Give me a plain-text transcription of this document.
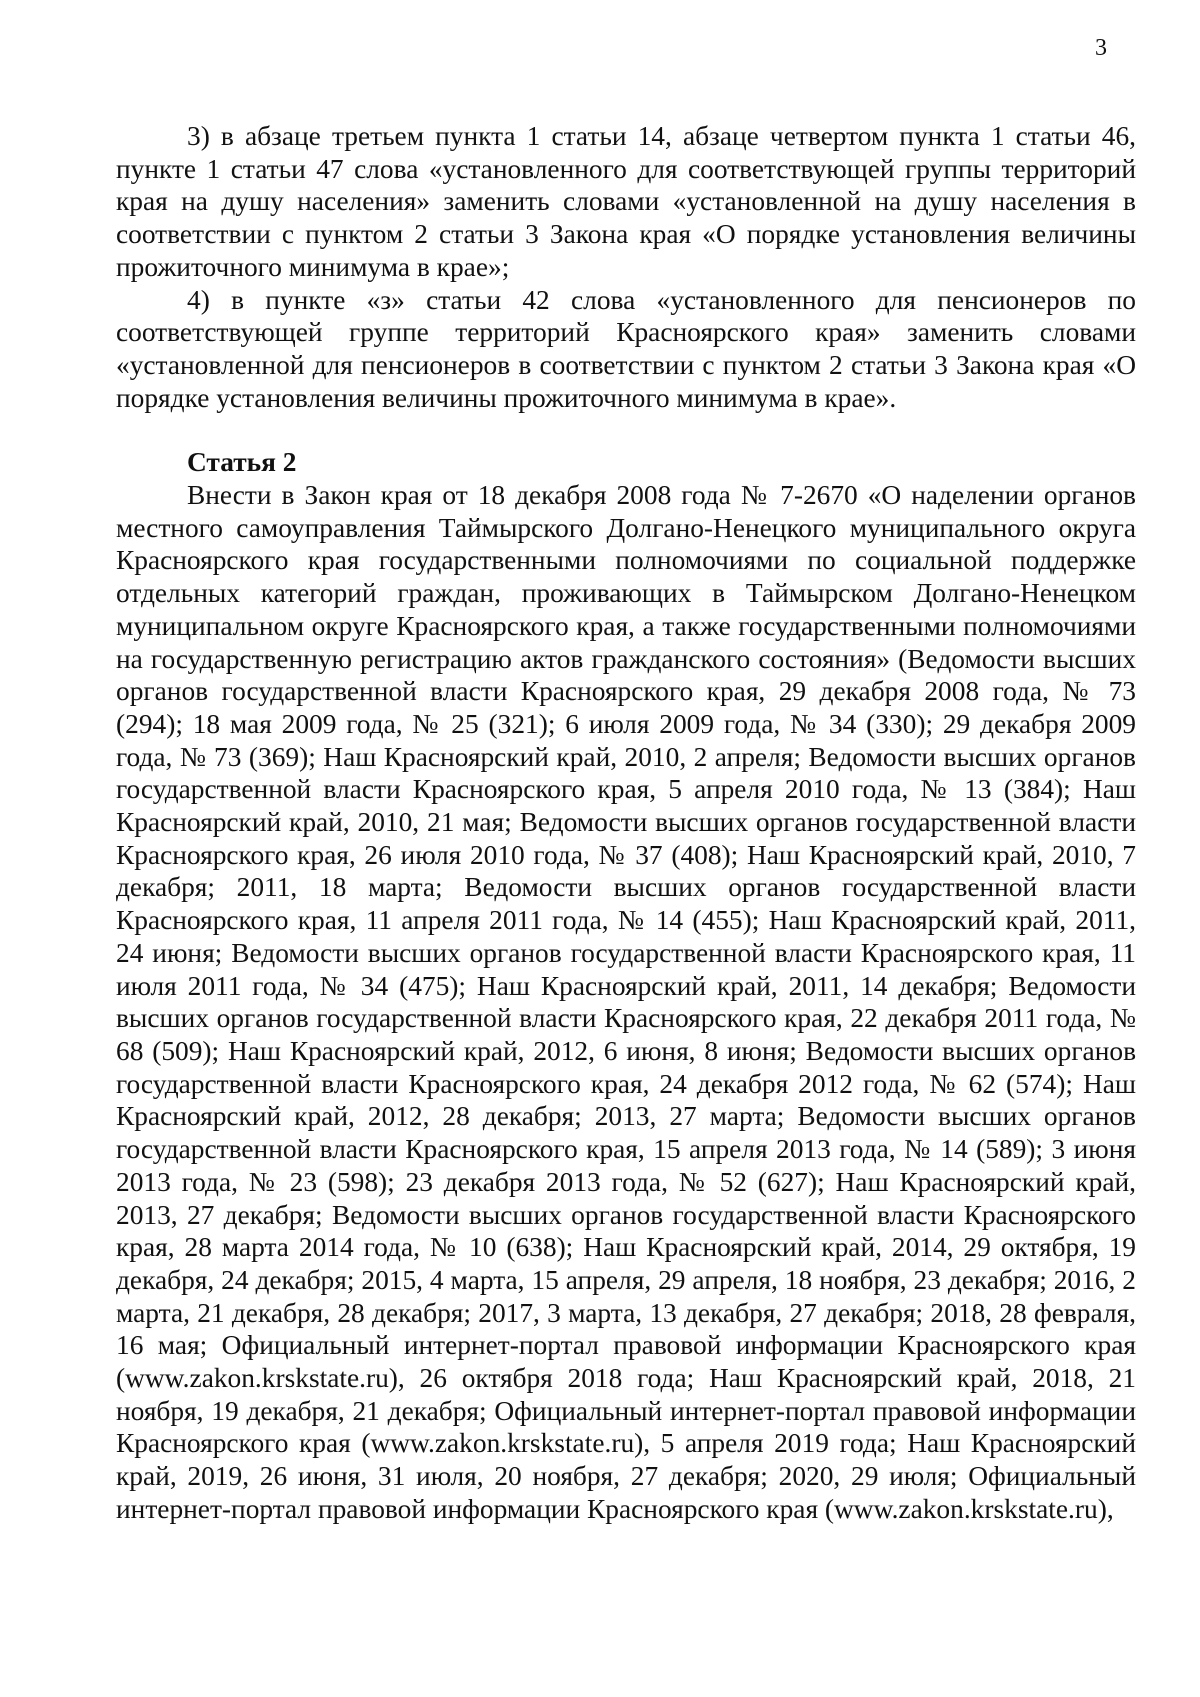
3

3) в абзаце третьем пункта 1 статьи 14, абзаце четвертом пункта 1 статьи 46, пункте 1 статьи 47 слова «установленного для соответствующей группы территорий края на душу населения» заменить словами «установленной на душу населения в соответствии с пунктом 2 статьи 3 Закона края «О порядке установления величины прожиточного минимума в крае»;

4) в пункте «з» статьи 42 слова «установленного для пенсионеров по соответствующей группе территорий Красноярского края» заменить словами «установленной для пенсионеров в соответствии с пунктом 2 статьи 3 Закона края «О порядке установления величины прожиточного минимума в крае».

Статья 2

Внести в Закон края от 18 декабря 2008 года № 7-2670 «О наделении органов местного самоуправления Таймырского Долгано-Ненецкого муниципального округа Красноярского края государственными полномочиями по социальной поддержке отдельных категорий граждан, проживающих в Таймырском Долгано-Ненецком муниципальном округе Красноярского края, а также государственными полномочиями на государственную регистрацию актов гражданского состояния» (Ведомости высших органов государственной власти Красноярского края, 29 декабря 2008 года, № 73 (294); 18 мая 2009 года, № 25 (321); 6 июля 2009 года, № 34 (330); 29 декабря 2009 года, № 73 (369); Наш Красноярский край, 2010, 2 апреля; Ведомости высших органов государственной власти Красноярского края, 5 апреля 2010 года, № 13 (384); Наш Красноярский край, 2010, 21 мая; Ведомости высших органов государственной власти Красноярского края, 26 июля 2010 года, № 37 (408); Наш Красноярский край, 2010, 7 декабря; 2011, 18 марта; Ведомости высших органов государственной власти Красноярского края, 11 апреля 2011 года, № 14 (455); Наш Красноярский край, 2011, 24 июня; Ведомости высших органов государственной власти Красноярского края, 11 июля 2011 года, № 34 (475); Наш Красноярский край, 2011, 14 декабря; Ведомости высших органов государственной власти Красноярского края, 22 декабря 2011 года, № 68 (509); Наш Красноярский край, 2012, 6 июня, 8 июня; Ведомости высших органов государственной власти Красноярского края, 24 декабря 2012 года, № 62 (574); Наш Красноярский край, 2012, 28 декабря; 2013, 27 марта; Ведомости высших органов государственной власти Красноярского края, 15 апреля 2013 года, № 14 (589); 3 июня 2013 года, № 23 (598); 23 декабря 2013 года, № 52 (627); Наш Красноярский край, 2013, 27 декабря; Ведомости высших органов государственной власти Красноярского края, 28 марта 2014 года, № 10 (638); Наш Красноярский край, 2014, 29 октября, 19 декабря, 24 декабря; 2015, 4 марта, 15 апреля, 29 апреля, 18 ноября, 23 декабря; 2016, 2 марта, 21 декабря, 28 декабря; 2017, 3 марта, 13 декабря, 27 декабря; 2018, 28 февраля, 16 мая; Официальный интернет-портал правовой информации Красноярского края (www.zakon.krskstate.ru), 26 октября 2018 года; Наш Красноярский край, 2018, 21 ноября, 19 декабря, 21 декабря; Официальный интернет-портал правовой информации Красноярского края (www.zakon.krskstate.ru), 5 апреля 2019 года; Наш Красноярский край, 2019, 26 июня, 31 июля, 20 ноября, 27 декабря; 2020, 29 июля; Официальный интернет-портал правовой информации Красноярского края (www.zakon.krskstate.ru),
